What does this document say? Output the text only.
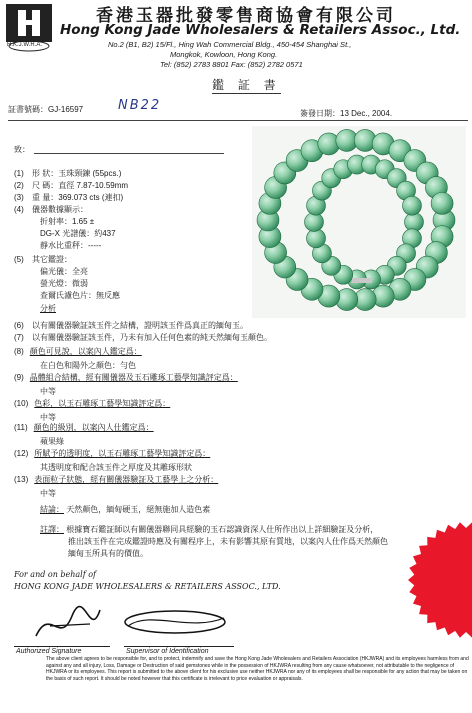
H.K.J.W.R.A.
香港玉器批發零售商協會有限公司
Hong Kong Jade Wholesalers & Retailers Assoc., Ltd.
No.2 (B1, B2) 15/Fl., Hing Wah Commercial Bldg., 450-454 Shanghai St.,
Mongkok, Kowloon, Hong Kong.
Tel: (852) 2783 8801 Fax: (852) 2782 0571
鑑 証 書
証書號碼：GJ-16597	NB22
簽發日期：13 Dec., 2004.
致：
(1) 形 狀：玉珠頸鍊 (55pcs.)
(2) 尺 碼：直徑 7.87-10.59mm
(3) 重 量：369.073 cts (連扣)
(4) 儀器數據顯示：
折射率：1.65 ±
DG-X 光譜儀：約437
靜水比重秤：-----
(5) 其它鑑證：
偏光儀：全亮
螢光燈：微弱
查爾氏濾色片：無反應
分析
(6) 以有關儀器驗証該玉件之結構，證明該玉件爲真正的緬甸玉。
(7) 以有關儀器驗証該玉件，乃未有加入任何色素的純天然緬甸玉顏色。
(8) 顏色可見說，以案內人鑑定爲：
在白色和陽外之顏色：勻色
(9) 晶體組合結構，經有關儀器及玉石雕琢工藝學知識評定爲：
中等
(10) 色彩，以玉石雕琢工藝學知識評定爲：
中等
(11) 顏色的級別，以案內人仕鑑定爲：
蘋果綠
(12) 所賦予的透明度，以玉石雕琢工藝學知識評定爲：
其透明度和配合該玉件之厚度及其雕琢形狀
(13) 表面粒子狀態，經有關儀器驗証及工藝學上之分析：
中等
結論： 天然顏色，緬甸硬玉，絕無施加人造色素
註譯： 根據寶石鑑証師以有關儀器聯同具經驗的玉石認識資深人仕所作出以上詳細驗証及分析，
推出該玉件在完成鑑證時應及有關程序上，未有影響其原有質地，以案內人仕作爲天然顏色
緬甸玉所具有的價值。
For and on behalf of
HONG KONG JADE WHOLESALERS & RETAILERS ASSOC., LTD.
Authorized Signature	Supervisor of Identification
The above client agrees to be responsible for, and to protect, indemnify and save the Hong Kong Jade Wholesalers and Retailers Association (HKJWRA) and its employees harmless from and against any and all injury, Loss, Damage or Destruction of said gemstones while in the possession of HKJWRA resulting from any cause whatsoever, not attributable to the negligence of HKJWRA or its employees. This report is submitted to the above client for his exclusive use neither HKJWRA nor any of its employees shall be responsible for any action that may be taken on the basis of such report. It should be noted however that this certificate is irrelevant to price evaluation or appraisals.
